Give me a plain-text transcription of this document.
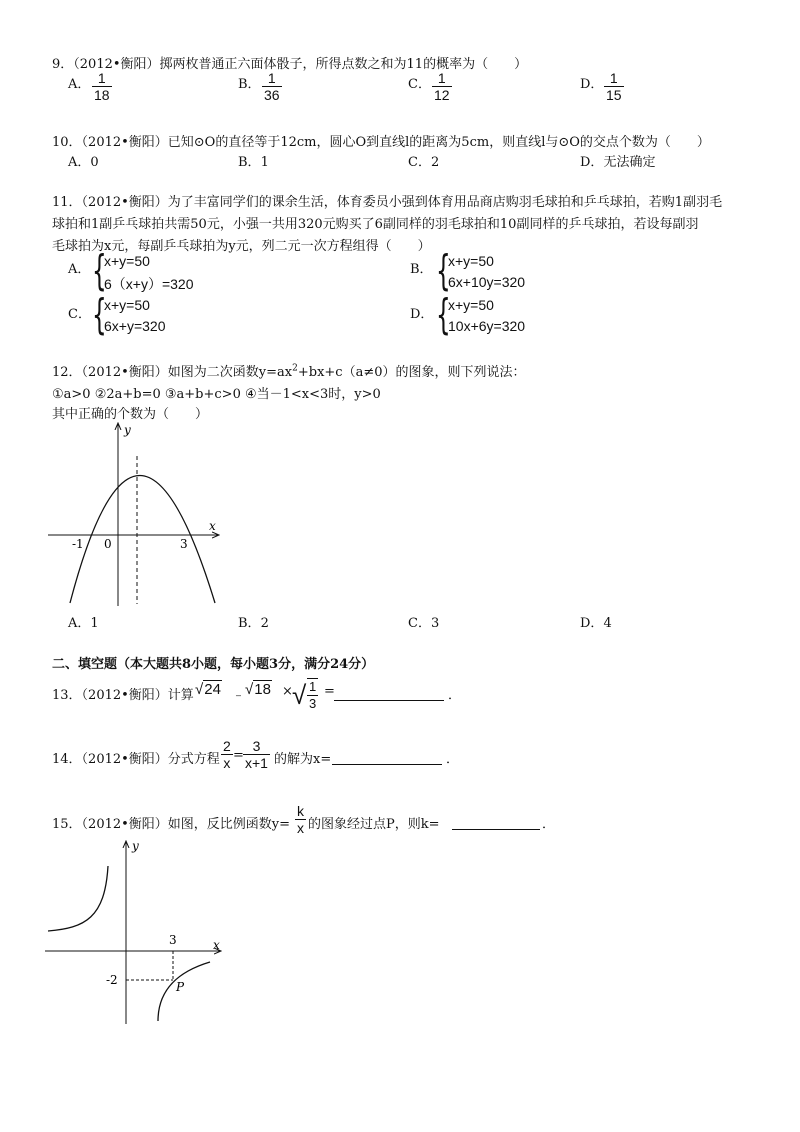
9．（2012•衡阳）掷两枚普通正六面体骰子，所得点数之和为11的概率为（　　）
A． 1
18
B． 1
36
C． 1
12
D． 1
15
10．（2012•衡阳）已知⊙O的直径等于12cm，圆心O到直线l的距离为5cm，则直线l与⊙O的交点个数为（　　）
A．0	B．1	C．2	D．无法确定
11．（2012•衡阳）为了丰富同学们的课余生活，体育委员小强到体育用品商店购羽毛球拍和乒乓球拍，若购1副羽毛
球拍和1副乒乓球拍共需50元，小强一共用320元购买了6副同样的羽毛球拍和10副同样的乒乓球拍，若设每副羽
毛球拍为x元，每副乒乓球拍为y元，列二元一次方程组得（　　）
A． {
x+y=50
6（x+y）=320
B． {
x+y=50
6x+10y=320
C． {
x+y=50
6x+y=320
D． {
x+y=50
10x+6y=320
12．（2012•衡阳）如图为二次函数$y=ax^2+bx+c(a\ne 0)$的图象，则下列说法：
①a>0 ②2a+b=0 ③a+b+c>0 ④当－1<x<3时，y>0
其中正确的个数为（　　）
y
x
0
-1	3
A．1	B．2	C．3	D．4
二、填空题（本大题共8小题，每小题3分，满分24分）
13．（2012•衡阳）计算 √24 ﹣ √18 × √ 1
3
=	．
14．（2012•衡阳）分式方程
2
x =
3
x+1 的解为x=	．
15．（2012•衡阳）如图，反比例函数y=
k
x 的图象经过点P，则k=	．
y
x
3
-2	P
